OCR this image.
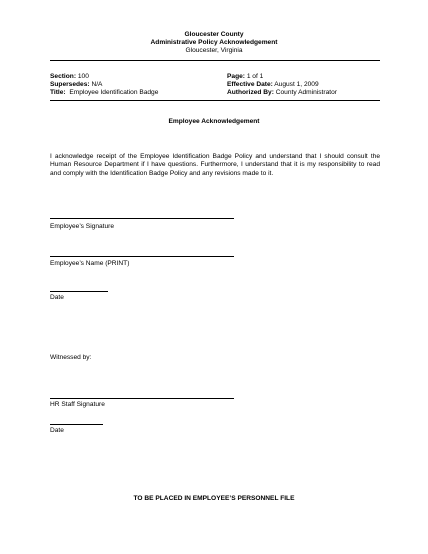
Gloucester County
Administrative Policy Acknowledgement
Gloucester, Virginia
Section: 100
Supersedes: N/A
Title: Employee Identification Badge
Page: 1 of 1
Effective Date: August 1, 2009
Authorized By: County Administrator
Employee Acknowledgement
I acknowledge receipt of the Employee Identification Badge Policy and understand that I should consult the Human Resource Department if I have questions. Furthermore, I understand that it is my responsibility to read and comply with the Identification Badge Policy and any revisions made to it.
Employee’s Signature
Employee’s Name (PRINT)
Date
Witnessed by:
HR Staff Signature
Date
TO BE PLACED IN EMPLOYEE’S PERSONNEL FILE
